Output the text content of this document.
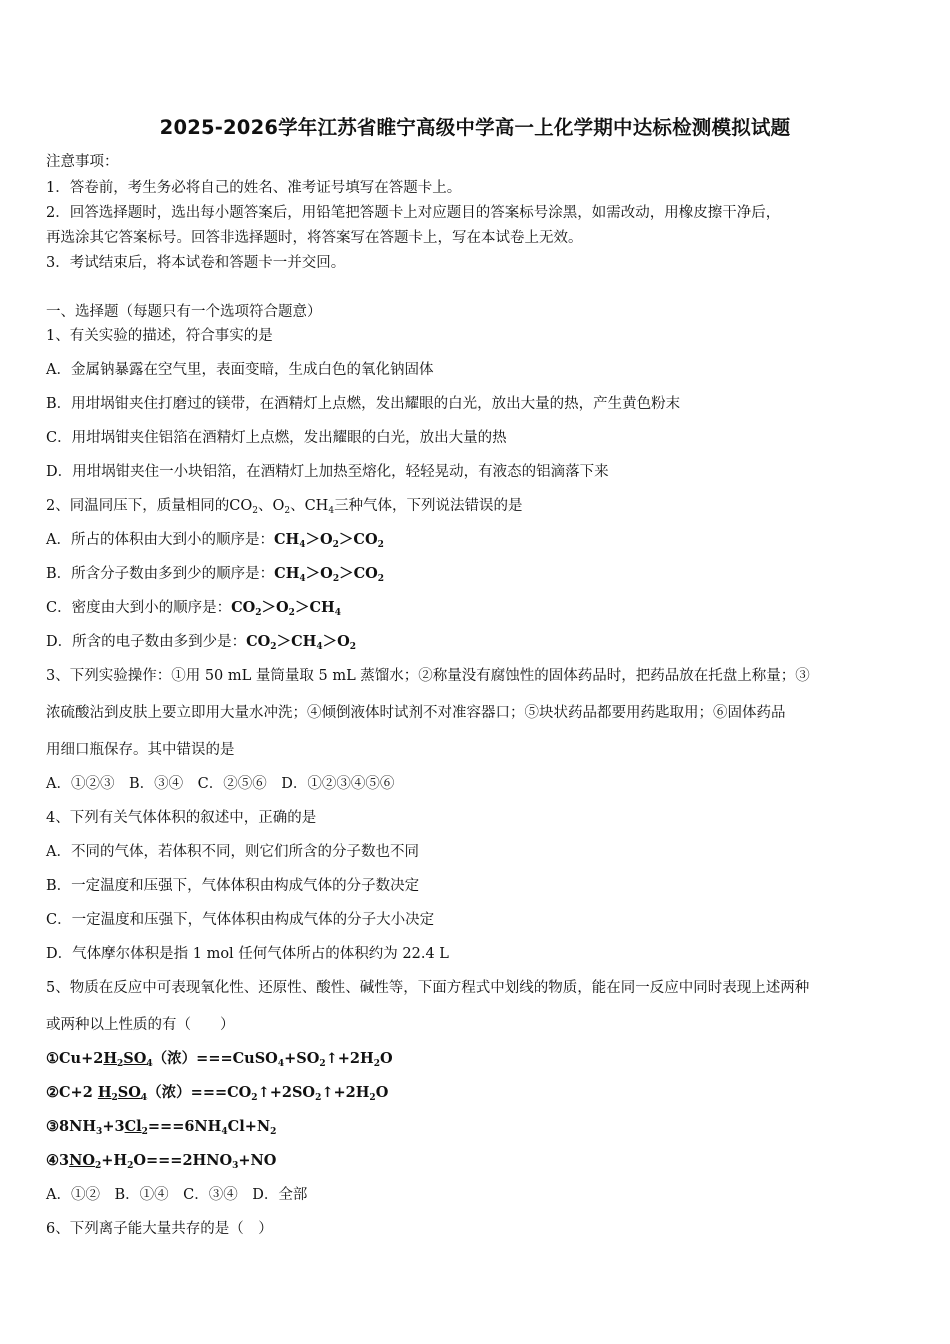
2025-2026学年江苏省睢宁高级中学高一上化学期中达标检测模拟试题
注意事项：
1．答卷前，考生务必将自己的姓名、准考证号填写在答题卡上。
2．回答选择题时，选出每小题答案后，用铅笔把答题卡上对应题目的答案标号涂黑，如需改动，用橡皮擦干净后，
再选涂其它答案标号。回答非选择题时，将答案写在答题卡上，写在本试卷上无效。
3．考试结束后，将本试卷和答题卡一并交回。
一、选择题（每题只有一个选项符合题意）
1、有关实验的描述，符合事实的是
A．金属钠暴露在空气里，表面变暗，生成白色的氧化钠固体
B．用坩埚钳夹住打磨过的镁带，在酒精灯上点燃，发出耀眼的白光，放出大量的热，产生黄色粉末
C．用坩埚钳夹住铝箔在酒精灯上点燃，发出耀眼的白光，放出大量的热
D．用坩埚钳夹住一小块铝箔，在酒精灯上加热至熔化，轻轻晃动，有液态的铝滴落下来
2、同温同压下，质量相同的$CO_2$、$O_2$、$CH_4$三种气体，下列说法错误的是
A．所占的体积由大到小的顺序是：$CH_4>O_2>CO_2$
B．所含分子数由多到少的顺序是：$CH_4>O_2>CO_2$
C．密度由大到小的顺序是：$CO_2>O_2>CH_4$
D．所含的电子数由多到少是：$CO_2>CH_4>O_2$
3、下列实验操作：①用 50 mL 量筒量取 5 mL 蒸馏水；②称量没有腐蚀性的固体药品时，把药品放在托盘上称量；③
浓硫酸沾到皮肤上要立即用大量水冲洗；④倾倒液体时试剂不对准容器口；⑤块状药品都要用药匙取用；⑥固体药品
用细口瓶保存。其中错误的是
A．①②③　B．③④　C．②⑤⑥　D．①②③④⑤⑥
4、下列有关气体体积的叙述中，正确的是
A．不同的气体，若体积不同，则它们所含的分子数也不同
B．一定温度和压强下，气体体积由构成气体的分子数决定
C．一定温度和压强下，气体体积由构成气体的分子大小决定
D．气体摩尔体积是指 1 mol 任何气体所占的体积约为 22.4 L
5、物质在反应中可表现氧化性、还原性、酸性、碱性等，下面方程式中划线的物质，能在同一反应中同时表现上述两种
或两种以上性质的有（　　）
$①Cu+2H_2SO_4$（浓）$===CuSO_4+SO_2↑+2H_2O$
②C+2 $H_2SO_4$（浓）$===CO_2↑+2SO_2↑+2H_2O$
$③8NH_3+3Cl_2===6NH_4Cl+N_2$
$④3NO_2+H_2O===2HNO_3+NO$
A．①②　B．①④　C．③④　D．全部
6、下列离子能大量共存的是（　）
